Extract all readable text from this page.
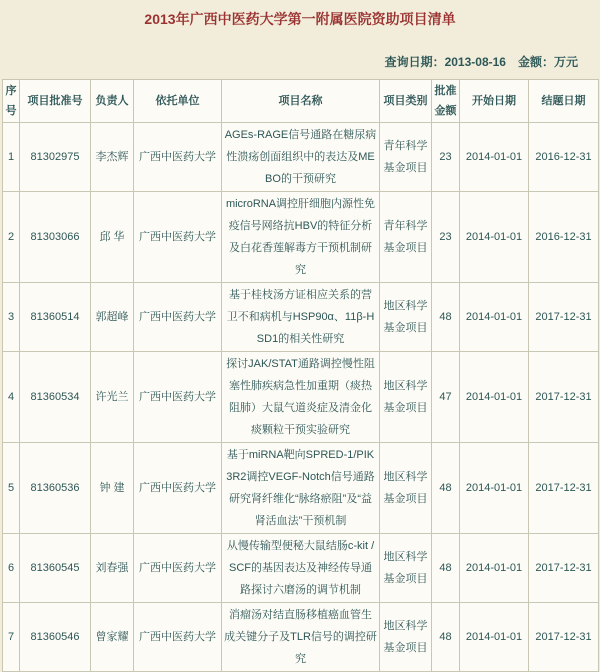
2013年广西中医药大学第一附属医院资助项目清单
查询日期：2013-08-16 金额：万元
序号	项目批准号	负责人	依托单位	项目名称	项目类别	批准金额	开始日期	结题日期
1	81302975	李杰辉	广西中医药大学	AGEs-RAGE信号通路在糖尿病性溃疡创面组织中的表达及MEBO的干预研究	青年科学基金项目	23	2014-01-01	2016-12-31
2	81303066	邱 华	广西中医药大学	microRNA调控肝细胞内源性免疫信号网络抗HBV的特征分析及白花香莲解毒方干预机制研究	青年科学基金项目	23	2014-01-01	2016-12-31
3	81360514	郭超峰	广西中医药大学	基于桂枝汤方证相应关系的营卫不和病机与HSP90α、11β-HSD1的相关性研究	地区科学基金项目	48	2014-01-01	2017-12-31
4	81360534	许光兰	广西中医药大学	探讨JAK/STAT通路调控慢性阻塞性肺疾病急性加重期（痰热阻肺）大鼠气道炎症及清金化痰颗粒干预实验研究	地区科学基金项目	47	2014-01-01	2017-12-31
5	81360536	钟 建	广西中医药大学	基于miRNA靶向SPRED-1/PIK3R2调控VEGF-Notch信号通路研究肾纤维化“脉络瘀阻”及“益肾活血法”干预机制	地区科学基金项目	48	2014-01-01	2017-12-31
6	81360545	刘春强	广西中医药大学	从慢传输型便秘大鼠结肠c-kit /SCF的基因表达及神经传导通路探讨六磨汤的调节机制	地区科学基金项目	48	2014-01-01	2017-12-31
7	81360546	曾家耀	广西中医药大学	消瘤汤对结直肠移植癌血管生成关键分子及TLR信号的调控研究	地区科学基金项目	48	2014-01-01	2017-12-31
